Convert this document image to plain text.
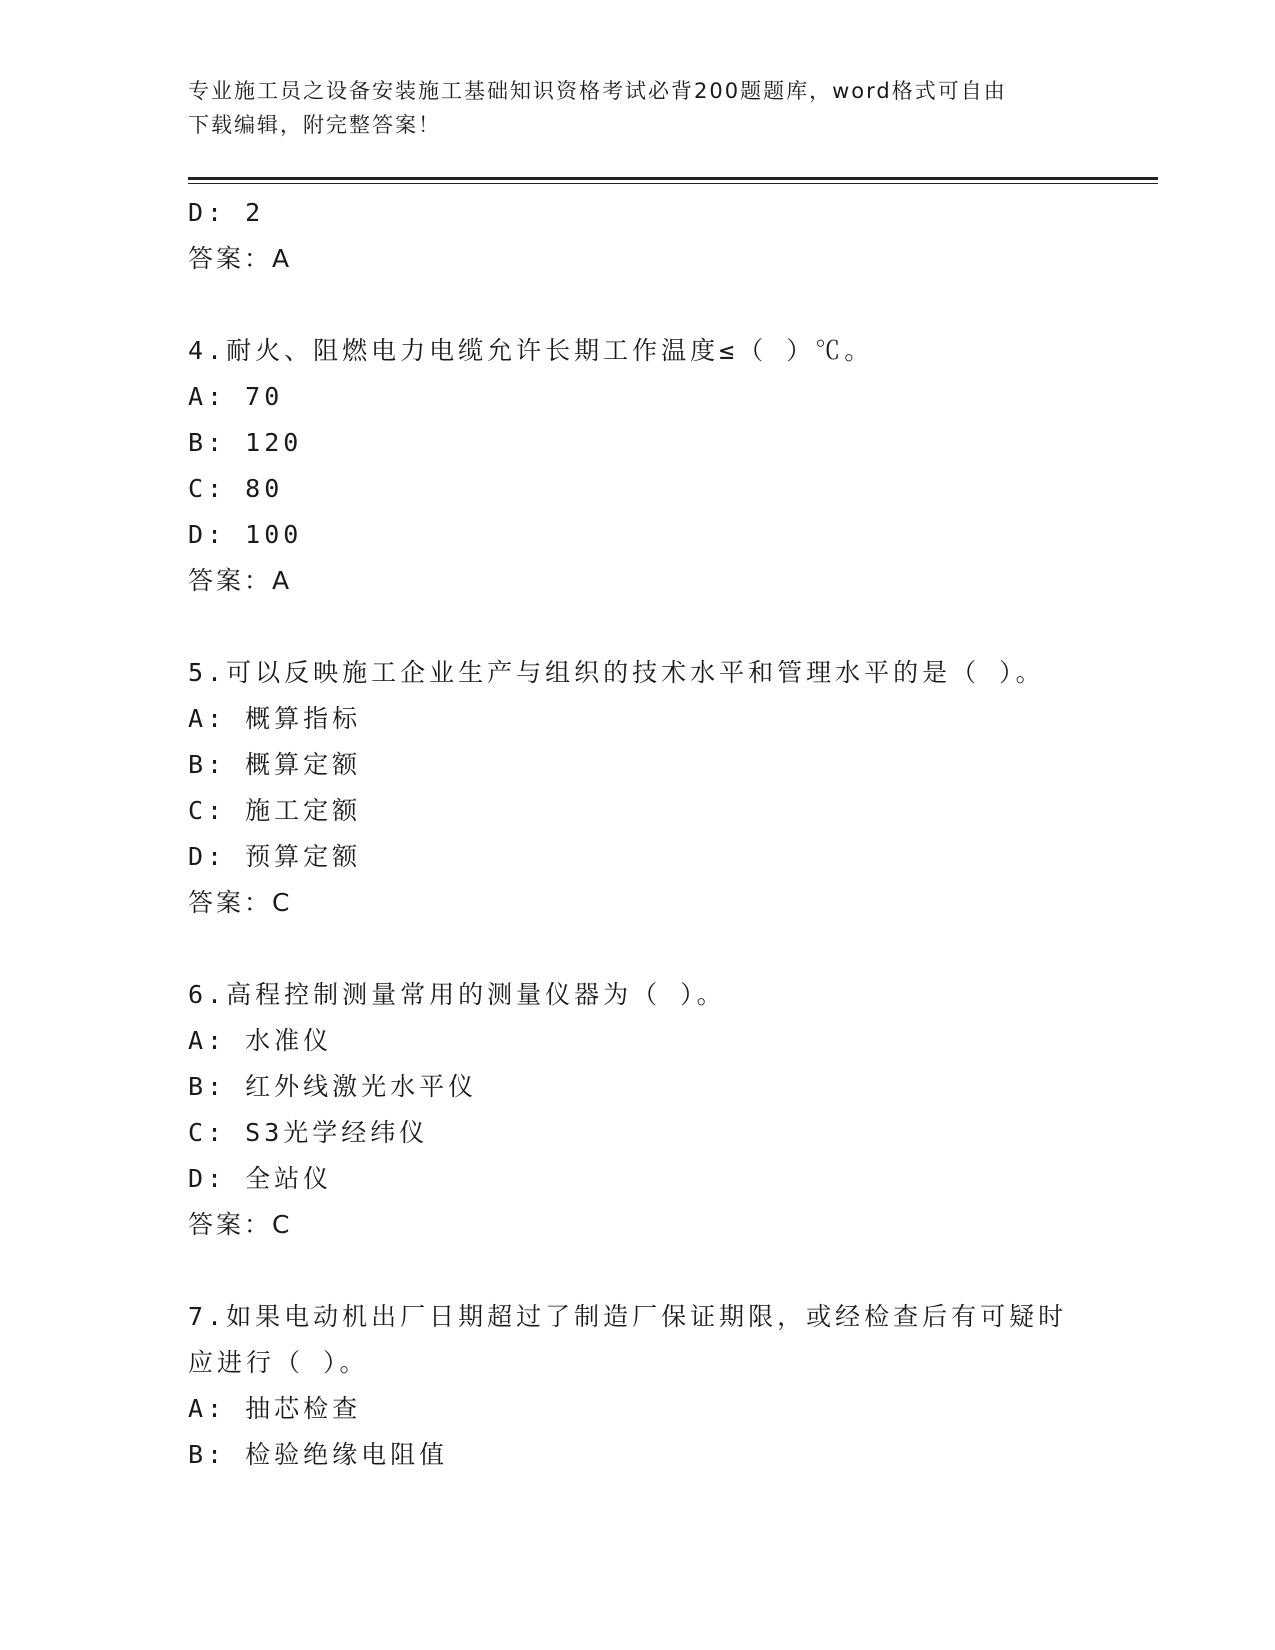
专业施工员之设备安装施工基础知识资格考试必背200题题库，word格式可自由
下载编辑，附完整答案！
D: 2
答案：A
4.耐火、阻燃电力电缆允许长期工作温度≤（ ）℃。
A: 70
B: 120
C: 80
D: 100
答案：A
5.可以反映施工企业生产与组织的技术水平和管理水平的是（ ）。
A: 概算指标
B: 概算定额
C: 施工定额
D: 预算定额
答案：C
6.高程控制测量常用的测量仪器为（ ）。
A: 水准仪
B: 红外线激光水平仪
C: S3光学经纬仪
D: 全站仪
答案：C
7.如果电动机出厂日期超过了制造厂保证期限，或经检查后有可疑时
应进行（ ）。
A: 抽芯检查
B: 检验绝缘电阻值
